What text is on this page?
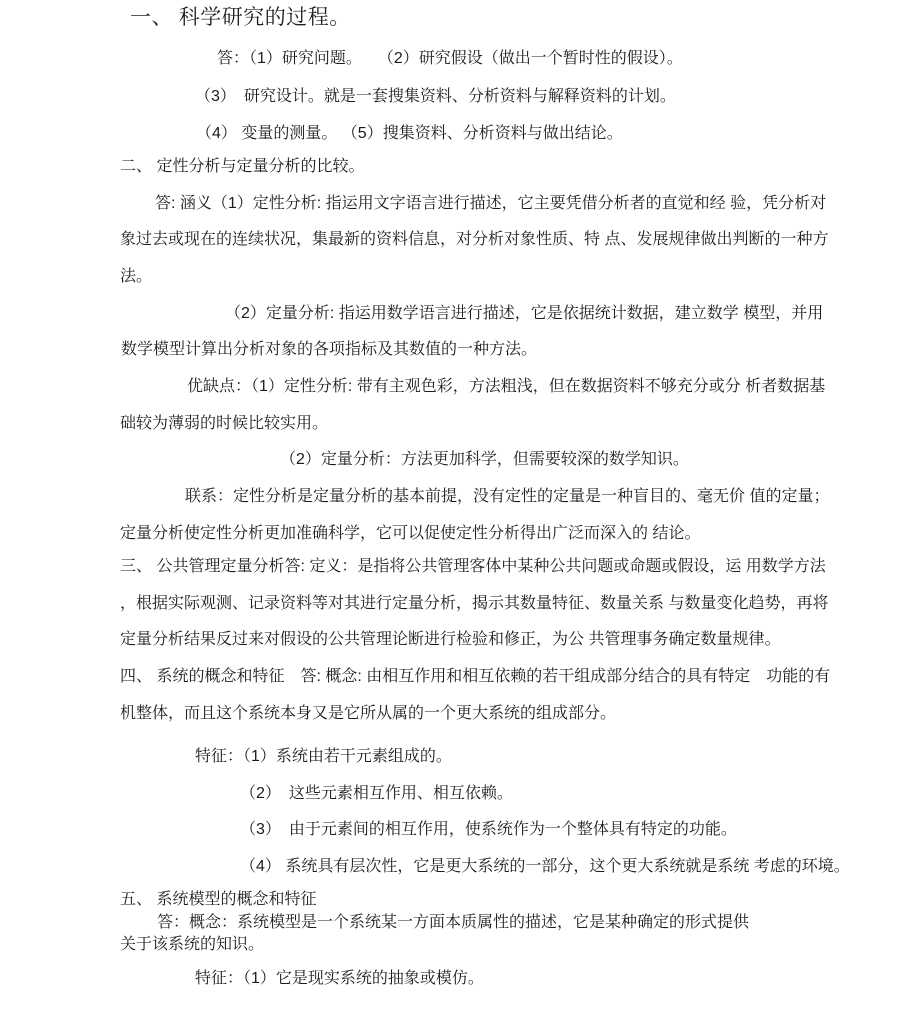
一、 科学研究的过程。
答：（1）研究问题。　　（2）研究假设（做出一个暂时性的假设）。
（3）　研究设计。就是一套搜集资料、分析资料与解释资料的计划。
（4） 变量的测量。 （5）搜集资料、分析资料与做出结论。
二、 定性分析与定量分析的比较。
答: 涵义（1）定性分析: 指运用文字语言进行描述，它主要凭借分析者的直觉和经 验，凭分析对
象过去或现在的连续状况，集最新的资料信息，对分析对象性质、特 点、发展规律做出判断的一种方
法。
（2）定量分析: 指运用数学语言进行描述，它是依据统计数据，建立数学 模型，并用
数学模型计算出分析对象的各项指标及其数值的一种方法。
优缺点：（1）定性分析: 带有主观色彩，方法粗浅，但在数据资料不够充分或分 析者数据基
础较为薄弱的时候比较实用。
（2）定量分析：方法更加科学，但需要较深的数学知识。
联系：定性分析是定量分析的基本前提，没有定性的定量是一种盲目的、毫无价 值的定量；
定量分析使定性分析更加准确科学，它可以促使定性分析得出广泛而深入的 结论。
三、 公共管理定量分析答: 定义：是指将公共管理客体中某种公共问题或命题或假设，运 用数学方法
，根据实际观测、记录资料等对其进行定量分析，揭示其数量特征、数量关系 与数量变化趋势，再将
定量分析结果反过来对假设的公共管理论断进行检验和修正，为公 共管理事务确定数量规律。
四、 系统的概念和特征　答: 概念: 由相互作用和相互依赖的若干组成部分结合的具有特定　功能的有
机整体，而且这个系统本身又是它所从属的一个更大系统的组成部分。
特征：（1）系统由若干元素组成的。
（2）　这些元素相互作用、相互依赖。
（3）　由于元素间的相互作用，使系统作为一个整体具有特定的功能。
（4） 系统具有层次性，它是更大系统的一部分，这个更大系统就是系统 考虑的环境。
五、 系统模型的概念和特征
答：概念：系统模型是一个系统某一方面本质属性的描述，它是某种确定的形式提供
关于该系统的知识。
特征：（1）它是现实系统的抽象或模仿。
